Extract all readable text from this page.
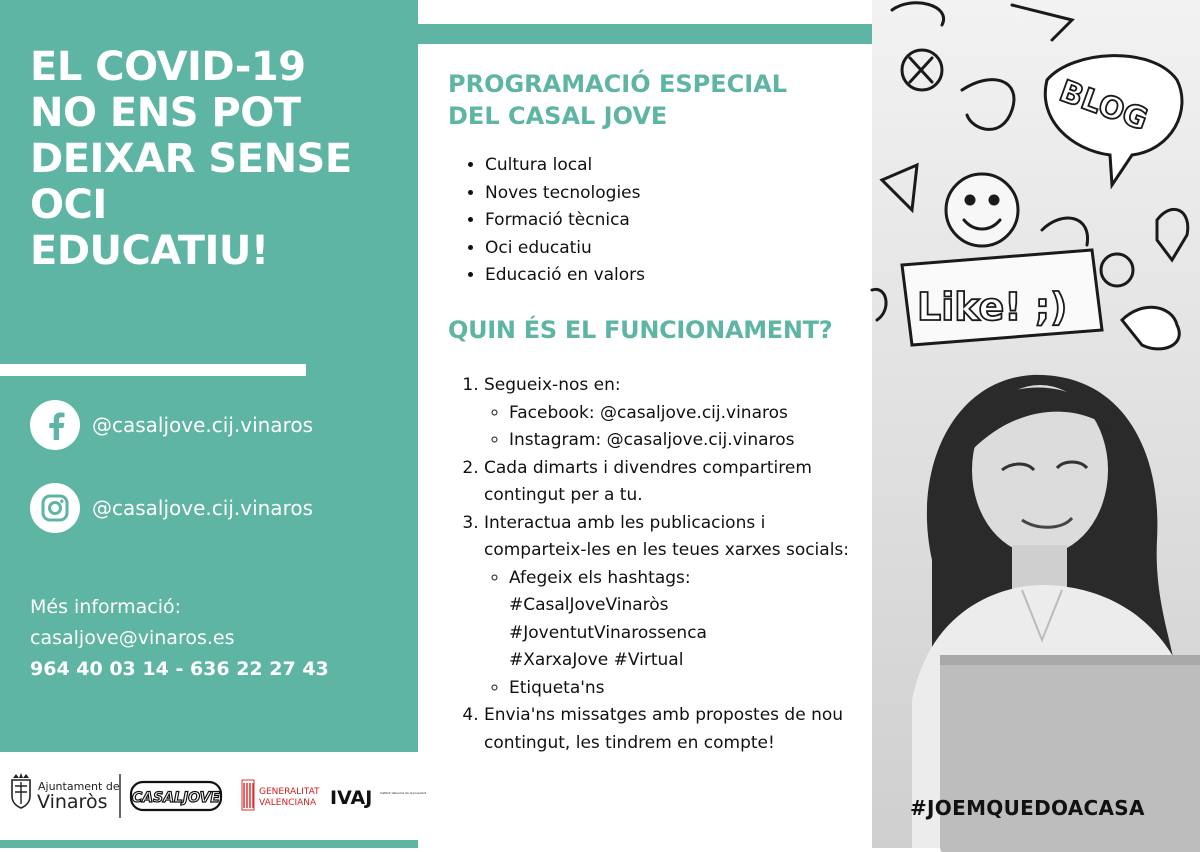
EL COVID-19
NO ENS POT
DEIXAR SENSE
OCI
EDUCATIU!
@casaljove.cij.vinaros
@casaljove.cij.vinaros
Més informació:
casaljove@vinaros.es
964 40 03 14 - 636 22 27 43
Ajuntament de
Vinaròs CASALJOVE	GENERALITAT
VALENCIANA IVAJ	Institut Valencià de la Joventut
PROGRAMACIÓ ESPECIAL
DEL CASAL JOVE
• Cultura local
• Noves tecnologies
• Formació tècnica
• Oci educatiu
• Educació en valors
QUIN ÉS EL FUNCIONAMENT?
1. Segueix-nos en:
◦ Facebook: @casaljove.cij.vinaros
◦ Instagram: @casaljove.cij.vinaros
2. Cada dimarts i divendres compartirem contingut per a tu.
3. Interactua amb les publicacions i comparteix-les en les teues xarxes socials:
◦ Afegeix els hashtags:
#CasalJoveVinaròs
#JoventutVinarossenca
#XarxaJove #Virtual
◦ Etiqueta'ns
4. Envia'ns missatges amb propostes de nou contingut, les tindrem en compte!
BLOG
Like! ;)
#JOEMQUEDOACASA
